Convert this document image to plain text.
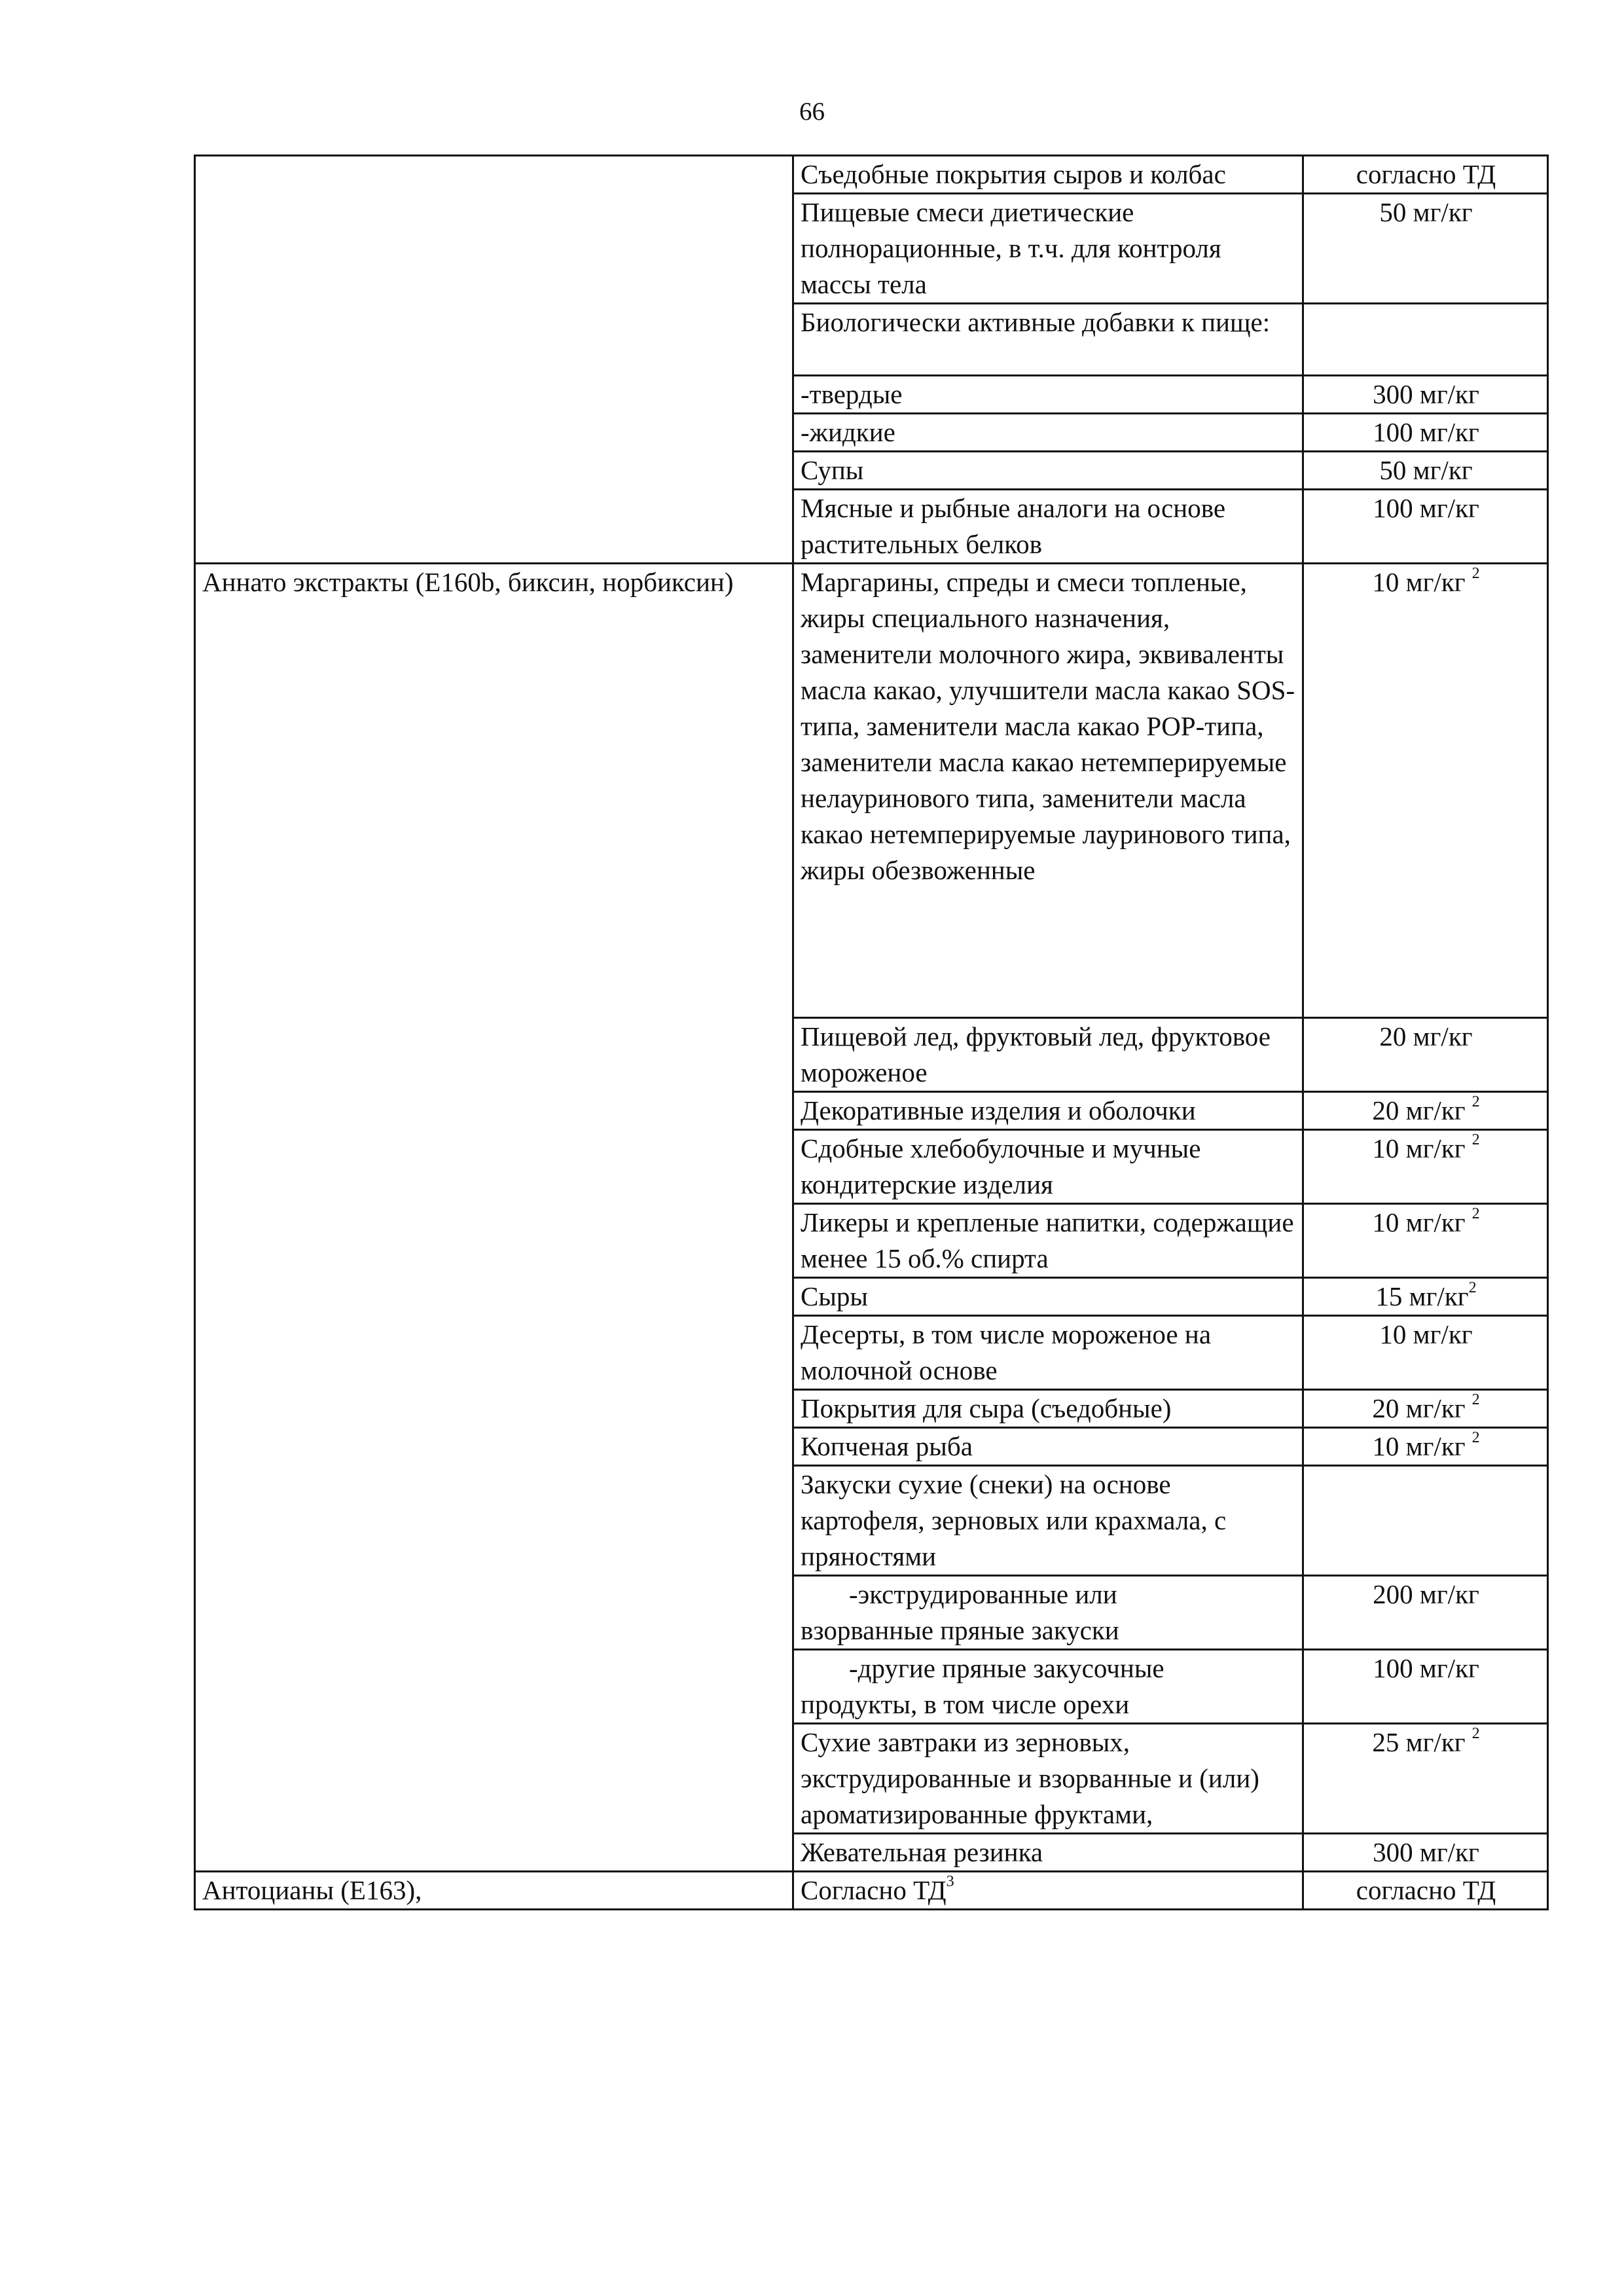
66
	Съедобные покрытия сыров и колбас	согласно ТД
	Пищевые смеси диетические полнорационные, в т.ч. для контроля массы тела	50 мг/кг
	Биологически активные добавки к пище:	
	-твердые	300 мг/кг
	-жидкие	100 мг/кг
	Супы	50 мг/кг
	Мясные и рыбные аналоги на основе растительных белков	100 мг/кг
Аннато экстракты (Е160b, биксин, норбиксин)	Маргарины, спреды и смеси топленые, жиры специального назначения, заменители молочного жира, эквиваленты масла какао, улучшители масла какао SOS-типа, заменители масла какао POP-типа, заменители масла какао нетемперируемые нелауринового типа, заменители масла какао нетемперируемые лауринового типа, жиры обезвоженные	10 мг/кг $^2$
	Пищевой лед, фруктовый лед, фруктовое мороженое	20 мг/кг
	Декоративные изделия и оболочки	20 мг/кг $^2$
	Сдобные хлебобулочные и мучные кондитерские изделия	10 мг/кг $^2$
	Ликеры и крепленые напитки, содержащие менее 15 об.% спирта	10 мг/кг $^2$
	Сыры	15 $мг/кг^2$
	Десерты, в том числе мороженое на молочной основе	10 мг/кг
	Покрытия для сыра (съедобные)	20 мг/кг $^2$
	Копченая рыба	10 мг/кг $^2$
	Закуски сухие (снеки) на основе картофеля, зерновых или крахмала, с пряностями	

	-экструдированные или
взорванные пряные закуски	200 мг/кг

	-другие пряные закусочные
продукты, в том числе орехи	100 мг/кг
	Сухие завтраки из зерновых, экструдированные и взорванные и (или) ароматизированные фруктами,	25 мг/кг $^2$
	Жевательная резинка	300 мг/кг
Антоцианы (Е163),	Согласно $ТД^3$	согласно ТД
